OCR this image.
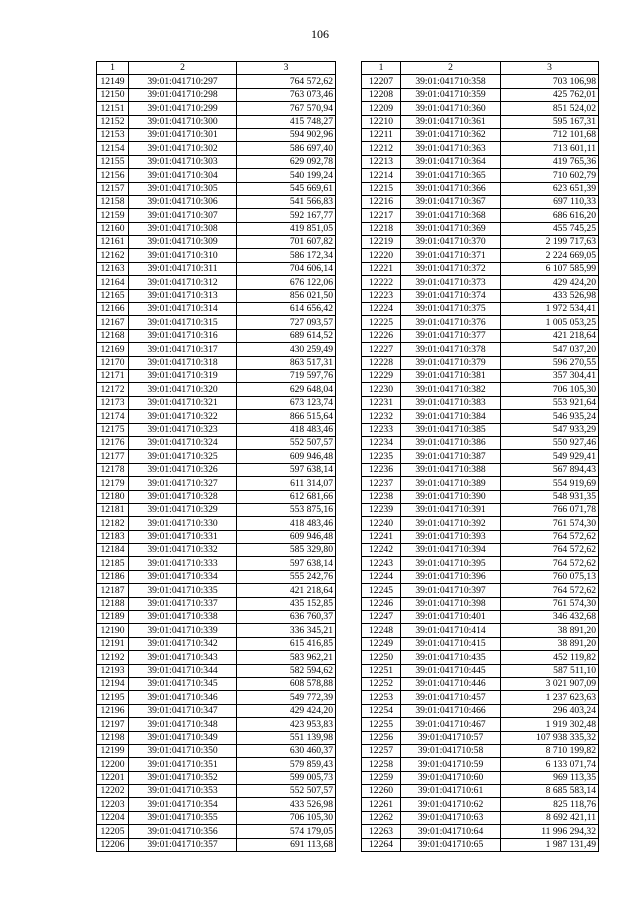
106
1	2	3
12149	39:01:041710:297	764 572,62
12150	39:01:041710:298	763 073,46
12151	39:01:041710:299	767 570,94
12152	39:01:041710:300	415 748,27
12153	39:01:041710:301	594 902,96
12154	39:01:041710:302	586 697,40
12155	39:01:041710:303	629 092,78
12156	39:01:041710:304	540 199,24
12157	39:01:041710:305	545 669,61
12158	39:01:041710:306	541 566,83
12159	39:01:041710:307	592 167,77
12160	39:01:041710:308	419 851,05
12161	39:01:041710:309	701 607,82
12162	39:01:041710:310	586 172,34
12163	39:01:041710:311	704 606,14
12164	39:01:041710:312	676 122,06
12165	39:01:041710:313	856 021,50
12166	39:01:041710:314	614 656,42
12167	39:01:041710:315	727 093,57
12168	39:01:041710:316	689 614,52
12169	39:01:041710:317	430 259,49
12170	39:01:041710:318	863 517,31
12171	39:01:041710:319	719 597,76
12172	39:01:041710:320	629 648,04
12173	39:01:041710:321	673 123,74
12174	39:01:041710:322	866 515,64
12175	39:01:041710:323	418 483,46
12176	39:01:041710:324	552 507,57
12177	39:01:041710:325	609 946,48
12178	39:01:041710:326	597 638,14
12179	39:01:041710:327	611 314,07
12180	39:01:041710:328	612 681,66
12181	39:01:041710:329	553 875,16
12182	39:01:041710:330	418 483,46
12183	39:01:041710:331	609 946,48
12184	39:01:041710:332	585 329,80
12185	39:01:041710:333	597 638,14
12186	39:01:041710:334	555 242,76
12187	39:01:041710:335	421 218,64
12188	39:01:041710:337	435 152,85
12189	39:01:041710:338	636 760,37
12190	39:01:041710:339	336 345,21
12191	39:01:041710:342	615 416,85
12192	39:01:041710:343	583 962,21
12193	39:01:041710:344	582 594,62
12194	39:01:041710:345	608 578,88
12195	39:01:041710:346	549 772,39
12196	39:01:041710:347	429 424,20
12197	39:01:041710:348	423 953,83
12198	39:01:041710:349	551 139,98
12199	39:01:041710:350	630 460,37
12200	39:01:041710:351	579 859,43
12201	39:01:041710:352	599 005,73
12202	39:01:041710:353	552 507,57
12203	39:01:041710:354	433 526,98
12204	39:01:041710:355	706 105,30
12205	39:01:041710:356	574 179,05
12206	39:01:041710:357	691 113,68
1	2	3
12207	39:01:041710:358	703 106,98
12208	39:01:041710:359	425 762,01
12209	39:01:041710:360	851 524,02
12210	39:01:041710:361	595 167,31
12211	39:01:041710:362	712 101,68
12212	39:01:041710:363	713 601,11
12213	39:01:041710:364	419 765,36
12214	39:01:041710:365	710 602,79
12215	39:01:041710:366	623 651,39
12216	39:01:041710:367	697 110,33
12217	39:01:041710:368	686 616,20
12218	39:01:041710:369	455 745,25
12219	39:01:041710:370	2 199 717,63
12220	39:01:041710:371	2 224 669,05
12221	39:01:041710:372	6 107 585,99
12222	39:01:041710:373	429 424,20
12223	39:01:041710:374	433 526,98
12224	39:01:041710:375	1 972 534,41
12225	39:01:041710:376	1 005 053,25
12226	39:01:041710:377	421 218,64
12227	39:01:041710:378	547 037,20
12228	39:01:041710:379	596 270,55
12229	39:01:041710:381	357 304,41
12230	39:01:041710:382	706 105,30
12231	39:01:041710:383	553 921,64
12232	39:01:041710:384	546 935,24
12233	39:01:041710:385	547 933,29
12234	39:01:041710:386	550 927,46
12235	39:01:041710:387	549 929,41
12236	39:01:041710:388	567 894,43
12237	39:01:041710:389	554 919,69
12238	39:01:041710:390	548 931,35
12239	39:01:041710:391	766 071,78
12240	39:01:041710:392	761 574,30
12241	39:01:041710:393	764 572,62
12242	39:01:041710:394	764 572,62
12243	39:01:041710:395	764 572,62
12244	39:01:041710:396	760 075,13
12245	39:01:041710:397	764 572,62
12246	39:01:041710:398	761 574,30
12247	39:01:041710:401	346 432,68
12248	39:01:041710:414	38 891,20
12249	39:01:041710:415	38 891,20
12250	39:01:041710:435	452 119,82
12251	39:01:041710:445	587 511,10
12252	39:01:041710:446	3 021 907,09
12253	39:01:041710:457	1 237 623,63
12254	39:01:041710:466	296 403,24
12255	39:01:041710:467	1 919 302,48
12256	39:01:041710:57	107 938 335,32
12257	39:01:041710:58	8 710 199,82
12258	39:01:041710:59	6 133 071,74
12259	39:01:041710:60	969 113,35
12260	39:01:041710:61	8 685 583,14
12261	39:01:041710:62	825 118,76
12262	39:01:041710:63	8 692 421,11
12263	39:01:041710:64	11 996 294,32
12264	39:01:041710:65	1 987 131,49
